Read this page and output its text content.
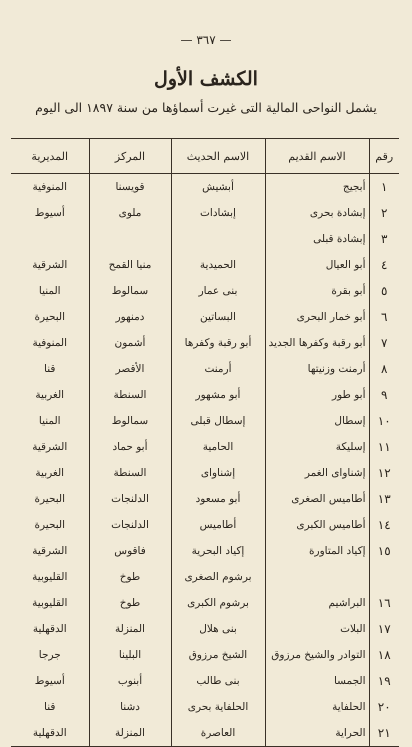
— ٣٦٧ —
الكشف الأول
يشمل النواحى المالية التى غيرت أسماؤها من سنة ١٨٩٧ الى اليوم
رقم	الاسم القديم	الاسم الحديث	المركز	المديرية
١	أبجيج	أبشيش	قويسنا	المنوفية
٢	إبشادة بحرى	إبشادات	ملوى	أسيوط
٣	إبشادة قبلى			
٤	أبو العيال	الحميدية	منيا القمح	الشرقية
٥	أبو بقرة	بنى عمار	سمالوط	المنيا
٦	أبو خمار البحرى	البساتين	دمنهور	البحيرة
٧	أبو رقبة وكفرها الجديد	أبو رقبة وكفرها	أشمون	المنوفية
٨	أرمنت وزنيتها	أرمنت	الأقصر	قنا
٩	أبو طور	أبو مشهور	السنطة	الغربية
١٠	إسطال	إسطال قبلى	سمالوط	المنيا
١١	إسليكة	الحامية	أبو حماد	الشرقية
١٢	إشناواى الغمر	إشناواى	السنطة	الغربية
١٣	أطاميس الصغرى	أبو مسعود	الدلنجات	البحيرة
١٤	أطاميس الكبرى	أطاميس	الدلنجات	البحيرة
١٥	إكياد المتاورة	إكياد البحرية	فاقوس	الشرقية
		برشوم الصغرى	طوخ	القليوبية
١٦	البراشيم	برشوم الكبرى	طوخ	القليوبية
١٧	البلات	بنى هلال	المنزلة	الدقهلية
١٨	التوادر والشيخ مرزوق	الشيخ مرزوق	البلينا	جرجا
١٩	الجمسا	بنى طالب	أبنوب	أسيوط
٢٠	الحلفاية	الحلفاية بحرى	دشنا	قنا
٢١	الحراية	العاصرة	المنزلة	الدقهلية
